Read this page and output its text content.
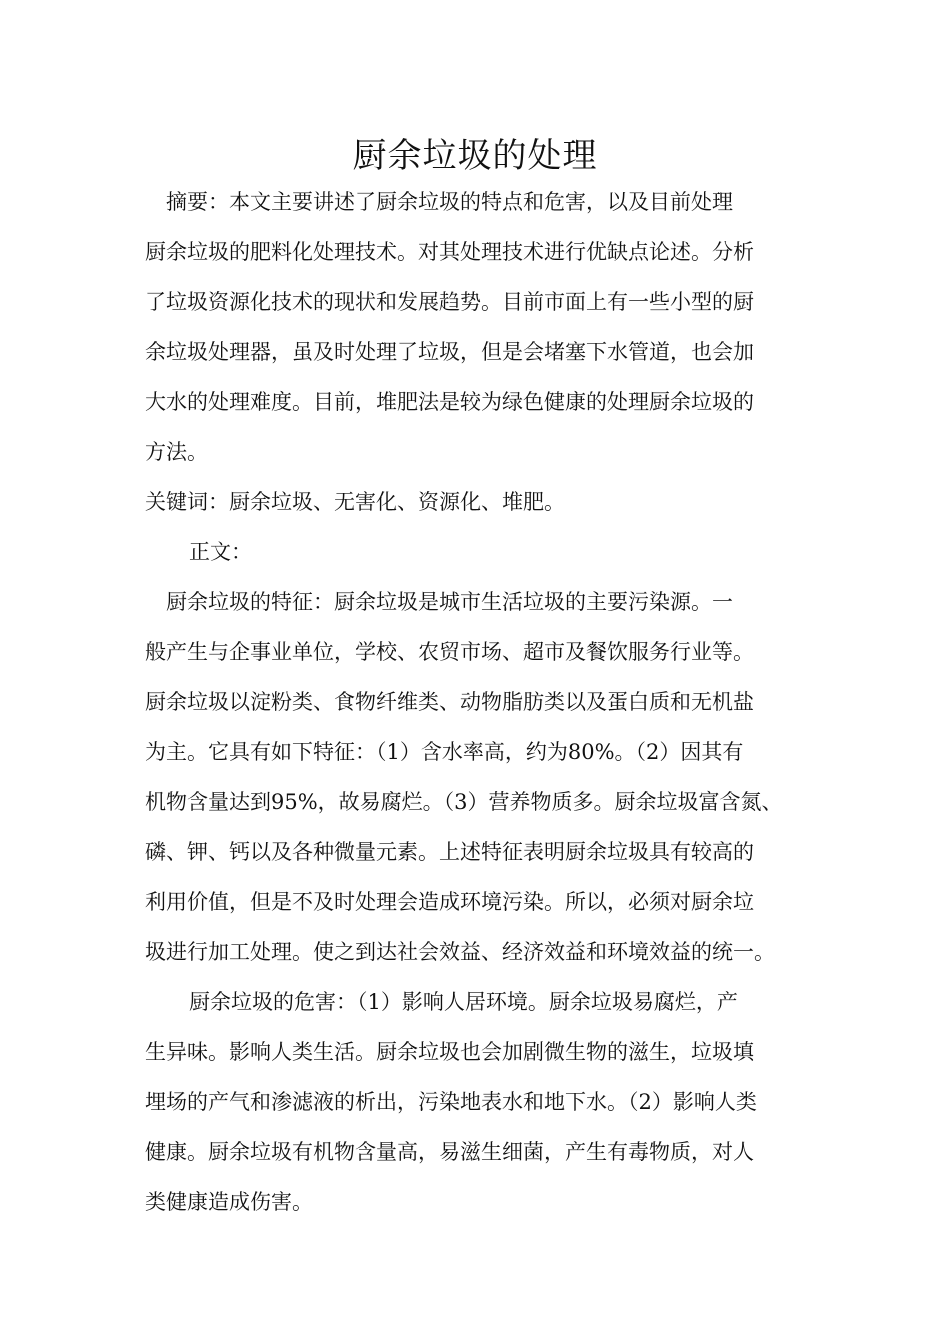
厨余垃圾的处理

　摘要：本文主要讲述了厨余垃圾的特点和危害，以及目前处理

厨余垃圾的肥料化处理技术。对其处理技术进行优缺点论述。分析

了垃圾资源化技术的现状和发展趋势。目前市面上有一些小型的厨

余垃圾处理器，虽及时处理了垃圾，但是会堵塞下水管道，也会加

大水的处理难度。目前，堆肥法是较为绿色健康的处理厨余垃圾的

方法。

关键词：厨余垃圾、无害化、资源化、堆肥。

　正文：

　厨余垃圾的特征：厨余垃圾是城市生活垃圾的主要污染源。一

般产生与企事业单位，学校、农贸市场、超市及餐饮服务行业等。

厨余垃圾以淀粉类、食物纤维类、动物脂肪类以及蛋白质和无机盐

为主。它具有如下特征：（1）含水率高，约为80%。（2）因其有

机物含量达到95%，故易腐烂。（3）营养物质多。厨余垃圾富含氮、

磷、钾、钙以及各种微量元素。上述特征表明厨余垃圾具有较高的

利用价值，但是不及时处理会造成环境污染。所以，必须对厨余垃

圾进行加工处理。使之到达社会效益、经济效益和环境效益的统一。

　厨余垃圾的危害：（1）影响人居环境。厨余垃圾易腐烂，产

生异味。影响人类生活。厨余垃圾也会加剧微生物的滋生，垃圾填

埋场的产气和渗滤液的析出，污染地表水和地下水。（2）影响人类

健康。厨余垃圾有机物含量高，易滋生细菌，产生有毒物质，对人

类健康造成伤害。
